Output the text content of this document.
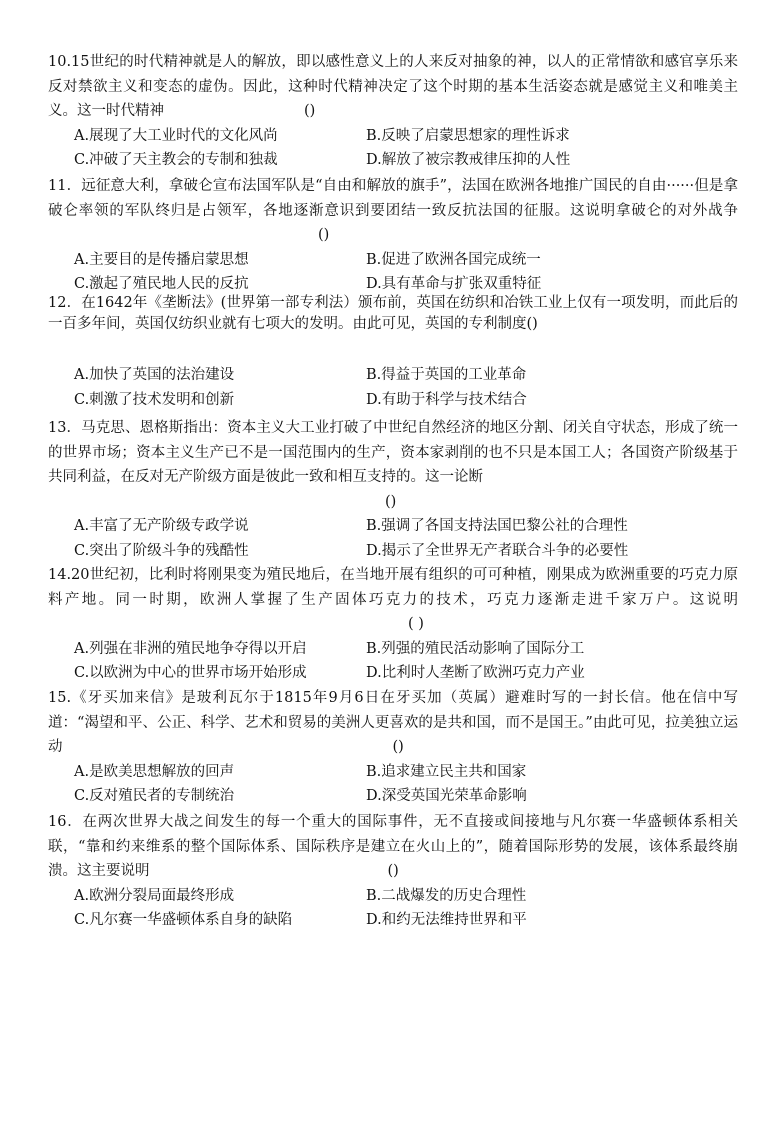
10.15世纪的时代精神就是人的解放，即以感性意义上的人来反对抽象的神，以人的正常情欲和感官享乐来反对禁欲主义和变态的虚伪。因此，这种时代精神决定了这个时期的基本生活姿态就是感觉主义和唯美主义。这一时代精神	()
A.展现了大工业时代的文化风尚	B.反映了启蒙思想家的理性诉求
C.冲破了天主教会的专制和独裁	D.解放了被宗教戒律压抑的人性
11．远征意大利，拿破仑宣布法国军队是“自由和解放的旗手”，法国在欧洲各地推广国民的自由······但是拿破仑率领的军队终归是占领军，各地逐渐意识到要团结一致反抗法国的征服。这说明拿破仑的对外战争()
A.主要目的是传播启蒙思想	B.促进了欧洲各国完成统一
C.激起了殖民地人民的反抗	D.具有革命与扩张双重特征
12．在1642年《垄断法》(世界第一部专利法）颁布前，英国在纺织和冶铁工业上仅有一项发明，而此后的一百多年间，英国仅纺织业就有七项大的发明。由此可见，英国的专利制度()
A.加快了英国的法治建设	B.得益于英国的工业革命
C.刺激了技术发明和创新	D.有助于科学与技术结合
13．马克思、恩格斯指出：资本主义大工业打破了中世纪自然经济的地区分割、闭关自守状态，形成了统一的世界市场；资本主义生产已不是一国范围内的生产，资本家剥削的也不只是本国工人；各国资产阶级基于共同利益，在反对无产阶级方面是彼此一致和相互支持的。这一论断
()
A.丰富了无产阶级专政学说	B.强调了各国支持法国巴黎公社的合理性
C.突出了阶级斗争的残酷性	D.揭示了全世界无产者联合斗争的必要性
14.20世纪初，比利时将刚果变为殖民地后，在当地开展有组织的可可种植，刚果成为欧洲重要的巧克力原料产地。同一时期，欧洲人掌握了生产固体巧克力的技术，巧克力逐渐走进千家万户。这说明( )
A.列强在非洲的殖民地争夺得以开启	B.列强的殖民活动影响了国际分工
C.以欧洲为中心的世界市场开始形成	D.比利时人垄断了欧洲巧克力产业
15.《牙买加来信》是玻利瓦尔于1815年9月6日在牙买加（英属）避难时写的一封长信。他在信中写道：“渴望和平、公正、科学、艺术和贸易的美洲人更喜欢的是共和国，而不是国王。”由此可见，拉美独立运动	()
A.是欧美思想解放的回声	B.追求建立民主共和国家
C.反对殖民者的专制统治	D.深受英国光荣革命影响
16．在两次世界大战之间发生的每一个重大的国际事件，无不直接或间接地与凡尔赛一华盛顿体系相关联，“靠和约来维系的整个国际体系、国际秩序是建立在火山上的”，随着国际形势的发展，该体系最终崩溃。这主要说明	()
A.欧洲分裂局面最终形成	B.二战爆发的历史合理性
C.凡尔赛一华盛顿体系自身的缺陷	D.和约无法维持世界和平
